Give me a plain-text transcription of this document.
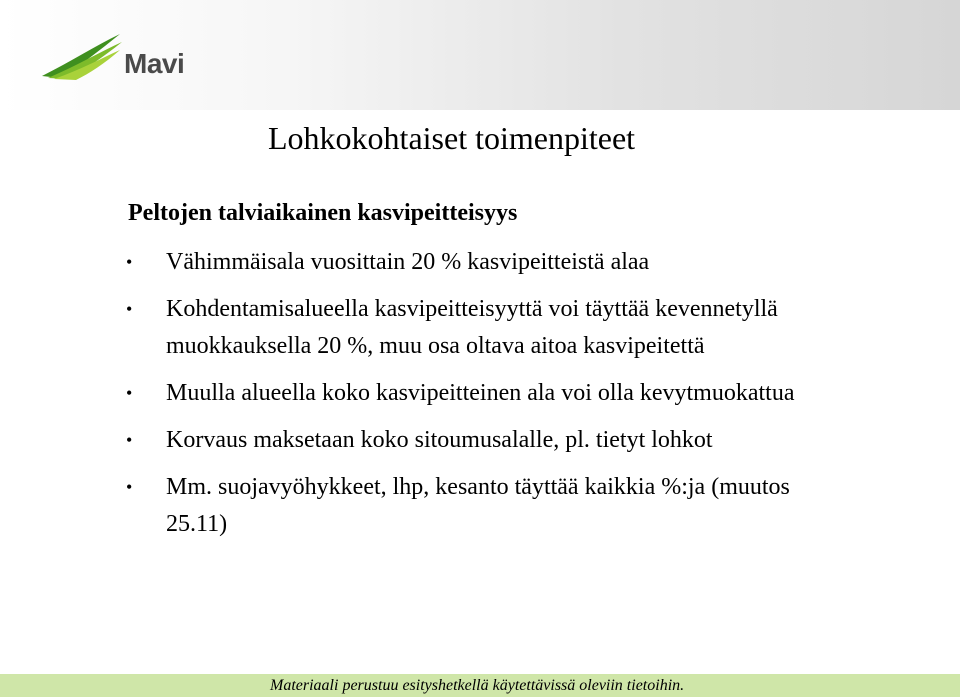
Mavi
Lohkokohtaiset toimenpiteet
Peltojen talviaikainen kasvipeitteisyys
• Vähimmäisala vuosittain 20 % kasvipeitteistä alaa
• Kohdentamisalueella kasvipeitteisyyttä voi täyttää kevennetyllä muokkauksella 20 %, muu osa oltava aitoa kasvipeitettä
• Muulla alueella koko kasvipeitteinen ala voi olla kevytmuokattua
• Korvaus maksetaan koko sitoumusalalle, pl. tietyt lohkot
• Mm. suojavyöhykkeet, lhp, kesanto täyttää kaikkia %:ja (muutos 25.11)
Materiaali perustuu esityshetkellä käytettävissä oleviin tietoihin.
